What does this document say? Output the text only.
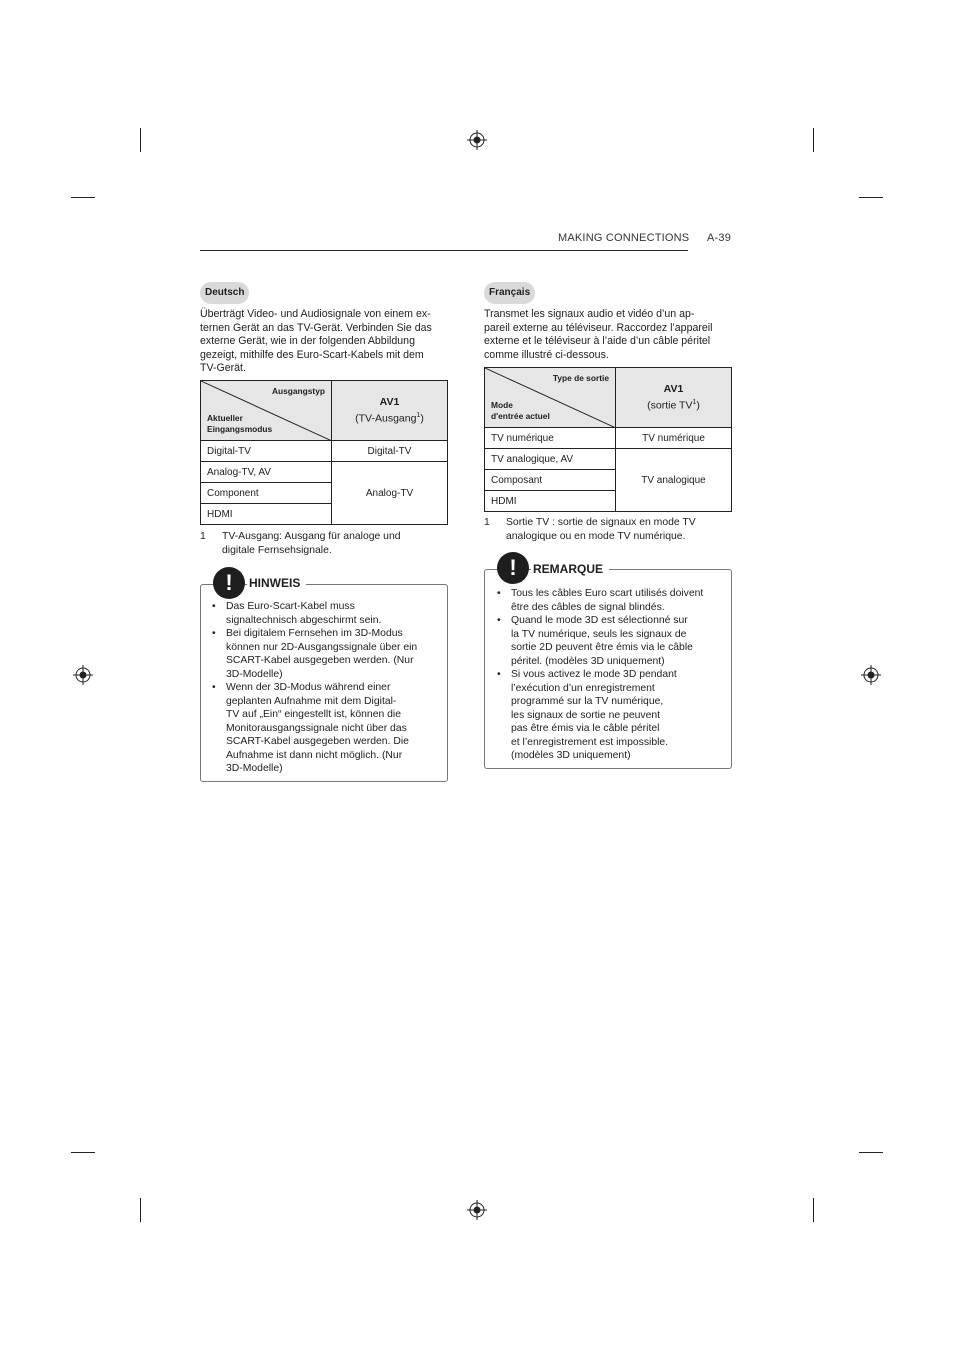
MAKING CONNECTIONS A-39
Deutsch
Überträgt Video- und Audiosignale von einem ex-
ternen Gerät an das TV-Gerät. Verbinden Sie das
externe Gerät, wie in der folgenden Abbildung
gezeigt, mithilfe des Euro-Scart-Kabels mit dem
TV-Gerät.
Ausgangstyp
Aktueller
Eingangsmodus	AV1
(TV-Ausgang$^1$)
Digital-TV	Digital-TV
Analog-TV, AV	Analog-TV
Component	
HDMI	
1 TV-Ausgang: Ausgang für analoge und
digitale Fernsehsignale.
!	HINWEIS
• Das Euro-Scart-Kabel muss
signaltechnisch abgeschirmt sein.
• Bei digitalem Fernsehen im 3D-Modus
können nur 2D-Ausgangssignale über ein
SCART-Kabel ausgegeben werden. (Nur
3D-Modelle)
• Wenn der 3D-Modus während einer
geplanten Aufnahme mit dem Digital-
TV auf „Ein“ eingestellt ist, können die
Monitorausgangssignale nicht über das
SCART-Kabel ausgegeben werden. Die
Aufnahme ist dann nicht möglich. (Nur
3D-Modelle)
Français
Transmet les signaux audio et vidéo d’un ap-
pareil externe au téléviseur. Raccordez l’appareil
externe et le téléviseur à l’aide d’un câble péritel
comme illustré ci-dessous.
Type de sortie
Mode
d'entrée actuel	AV1
(sortie $TV^1$)
TV numérique	TV numérique
TV analogique, AV	TV analogique
Composant	
HDMI	
1 Sortie TV : sortie de signaux en mode TV
analogique ou en mode TV numérique.
!	REMARQUE
• Tous les câbles Euro scart utilisés doivent
être des câbles de signal blindés.
• Quand le mode 3D est sélectionné sur
la TV numérique, seuls les signaux de
sortie 2D peuvent être émis via le câble
péritel. (modèles 3D uniquement)
• Si vous activez le mode 3D pendant
l’exécution d’un enregistrement
programmé sur la TV numérique,
les signaux de sortie ne peuvent
pas être émis via le câble péritel
et l’enregistrement est impossible.
(modèles 3D uniquement)
